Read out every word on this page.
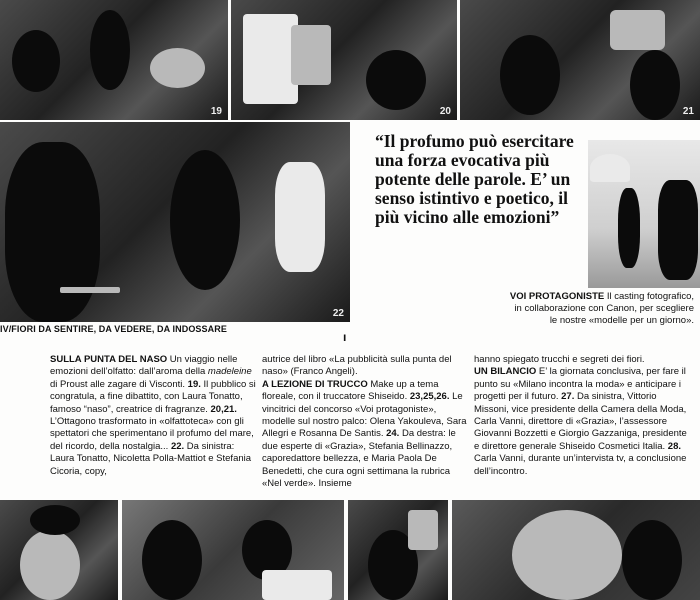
19	20	21
22
IV/FIORI DA SENTIRE, DA VEDERE, DA INDOSSARE
“Il profumo può esercitare una forza evocativa più potente delle parole. E’ un senso istintivo e poetico, il più vicino alle emozioni”
VOI PROTAGONISTE Il casting fotografico, in collaborazione con Canon, per scegliere le nostre «modelle per un giorno».
ı
SULLA PUNTA DEL NASO Un viaggio nelle emozioni dell’olfatto: dall’aroma della madeleine di Proust alle zagare di Visconti. 19. Il pubblico si congratula, a fine dibattito, con Laura Tonatto, famoso “naso”, creatrice di fragranze. 20,21. L’Ottagono trasformato in «olfattoteca» con gli spettatori che sperimentano il profumo del mare, del ricordo, della nostalgia... 22. Da sinistra: Laura Tonatto, Nicoletta Polla-Mattiot e Stefania Cicoria, copy,
autrice del libro «La pubblicità sulla punta del naso» (Franco Angeli).
A LEZIONE DI TRUCCO Make up a tema floreale, con il truccatore Shiseido. 23,25,26. Le vincitrici del concorso «Voi protagoniste», modelle sul nostro palco: Olena Yakouleva, Sara Allegri e Rosanna De Santis. 24. Da destra: le due esperte di «Grazia», Stefania Bellinazzo, caporedattore bellezza, e Maria Paola De Benedetti, che cura ogni settimana la rubrica «Nel verde». Insieme
hanno spiegato trucchi e segreti dei fiori.
UN BILANCIO E’ la giornata conclusiva, per fare il punto su «Milano incontra la moda» e anticipare i progetti per il futuro. 27. Da sinistra, Vittorio Missoni, vice presidente della Camera della Moda, Carla Vanni, direttore di «Grazia», l’assessore Giovanni Bozzetti e Giorgio Gazzaniga, presidente e direttore generale Shiseido Cosmetici Italia. 28. Carla Vanni, durante un’intervista tv, a conclusione dell’incontro.
